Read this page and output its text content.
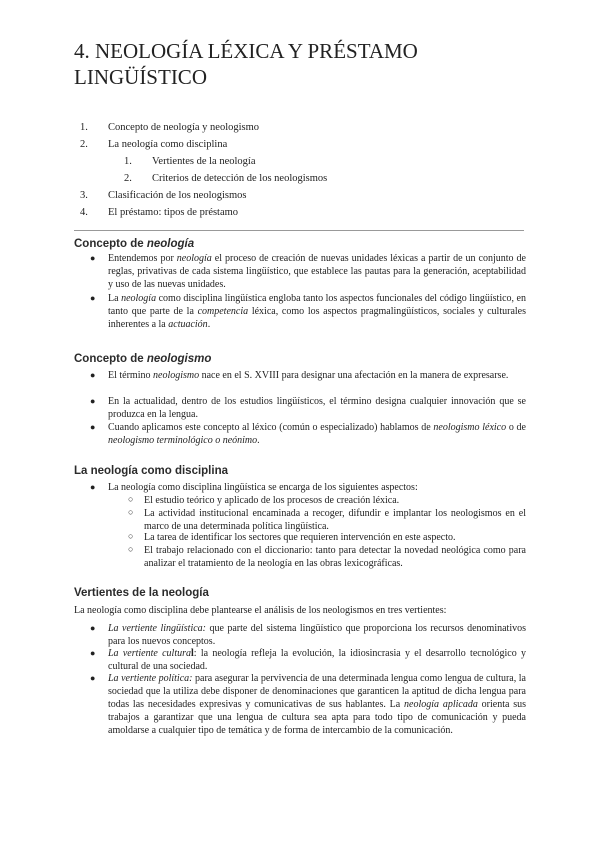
4. NEOLOGÍA LÉXICA Y PRÉSTAMO LINGÜÍSTICO
1. Concepto de neología y neologismo
2. La neología como disciplina
1. Vertientes de la neología
2. Criterios de detección de los neologismos
3. Clasificación de los neologismos
4. El préstamo: tipos de préstamo
Concepto de neología
● Entendemos por neología el proceso de creación de nuevas unidades léxicas a partir de un conjunto de reglas, privativas de cada sistema lingüístico, que establece las pautas para la generación, aceptabilidad y uso de las nuevas unidades.
● La neología como disciplina lingüística engloba tanto los aspectos funcionales del código lingüístico, en tanto que parte de la competencia léxica, como los aspectos pragmalingüísticos, sociales y culturales inherentes a la actuación.
Concepto de neologismo
● El término neologismo nace en el S. XVIII para designar una afectación en la manera de expresarse.
● En la actualidad, dentro de los estudios lingüísticos, el término designa cualquier innovación que se produzca en la lengua.
● Cuando aplicamos este concepto al léxico (común o especializado) hablamos de neologismo léxico o de neologismo terminológico o neónimo.
La neología como disciplina
● La neología como disciplina lingüística se encarga de los siguientes aspectos:
○ El estudio teórico y aplicado de los procesos de creación léxica.
○ La actividad institucional encaminada a recoger, difundir e implantar los neologismos en el marco de una determinada política lingüística.
○ La tarea de identificar los sectores que requieren intervención en este aspecto.
○ El trabajo relacionado con el diccionario: tanto para detectar la novedad neológica como para analizar el tratamiento de la neología en las obras lexicográficas.
Vertientes de la neología
La neología como disciplina debe plantearse el análisis de los neologismos en tres vertientes:
● La vertiente lingüística: que parte del sistema lingüístico que proporciona los recursos denominativos para los nuevos conceptos.
● La vertiente cultural: la neología refleja la evolución, la idiosincrasia y el desarrollo tecnológico y cultural de una sociedad.
● La vertiente política: para asegurar la pervivencia de una determinada lengua como lengua de cultura, la sociedad que la utiliza debe disponer de denominaciones que garanticen la aptitud de dicha lengua para todas las necesidades expresivas y comunicativas de sus hablantes. La neología aplicada orienta sus trabajos a garantizar que una lengua de cultura sea apta para todo tipo de comunicación y pueda amoldarse a cualquier tipo de temática y de forma de intercambio de la comunicación.
